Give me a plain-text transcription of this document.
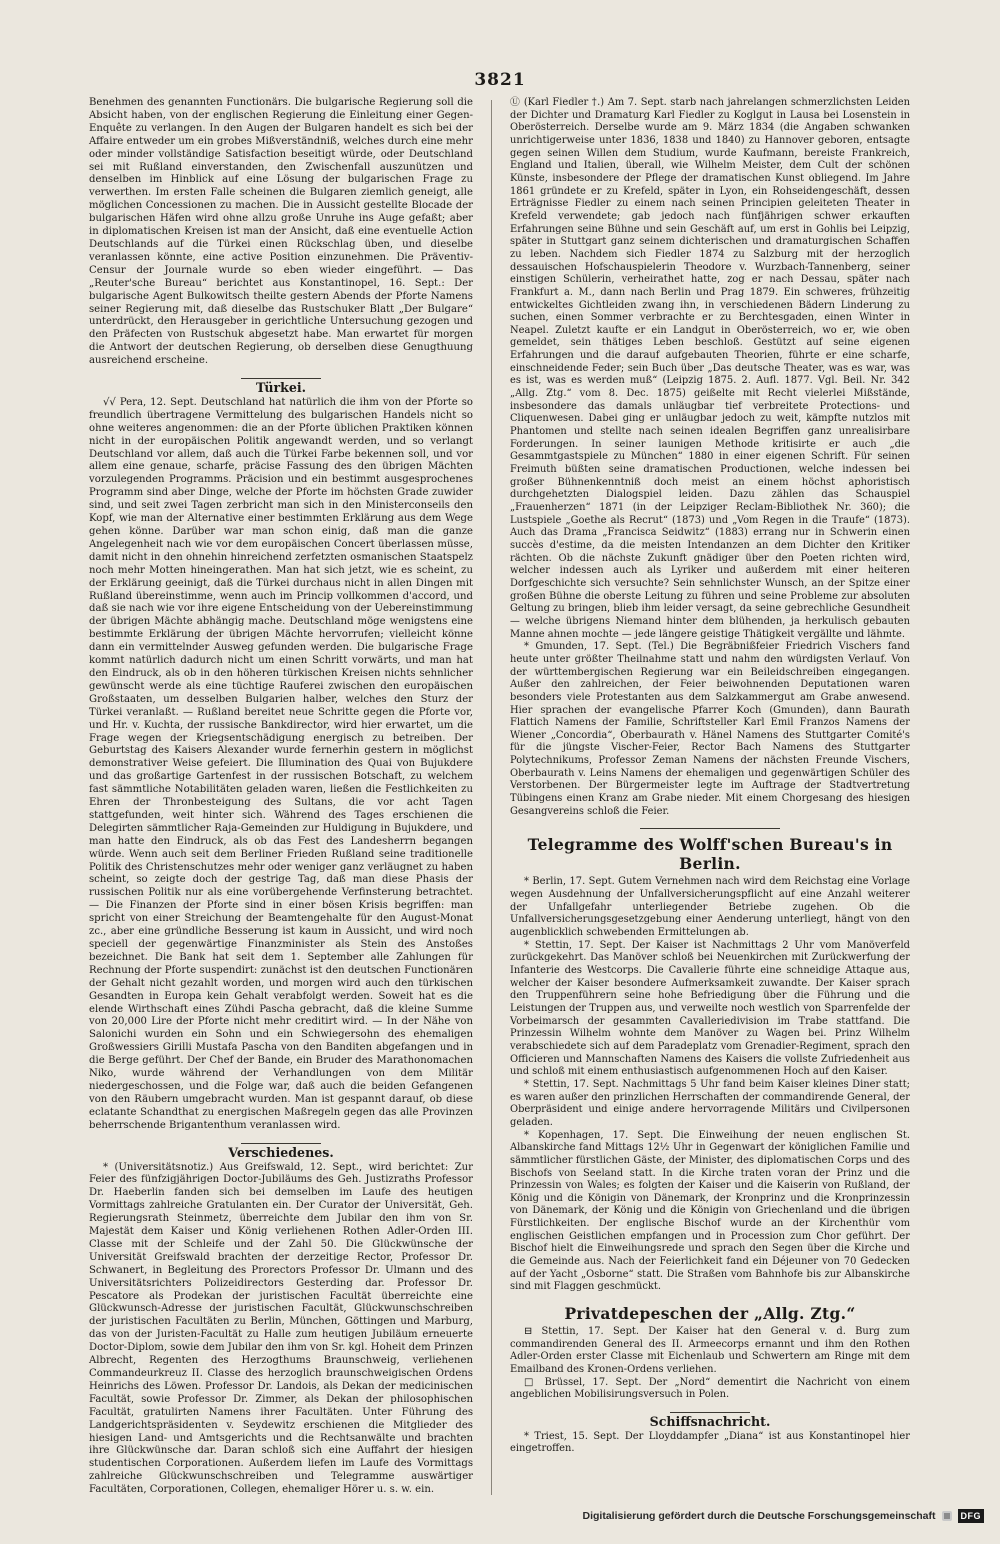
3821

Benehmen des genannten Functionärs. Die bulgarische Regierung soll die Absicht haben, von der englischen Regierung die Einleitung einer Gegen-Enquête zu verlangen. In den Augen der Bulgaren handelt es sich bei der Affaire entweder um ein grobes Mißverständniß, welches durch eine mehr oder minder vollständige Satisfaction beseitigt würde, oder Deutschland sei mit Rußland einverstanden, den Zwischenfall auszunützen und denselben im Hinblick auf eine Lösung der bulgarischen Frage zu verwerthen. Im ersten Falle scheinen die Bulgaren ziemlich geneigt, alle möglichen Concessionen zu machen. Die in Aussicht gestellte Blocade der bulgarischen Häfen wird ohne allzu große Unruhe ins Auge gefaßt; aber in diplomatischen Kreisen ist man der Ansicht, daß eine eventuelle Action Deutschlands auf die Türkei einen Rückschlag üben, und dieselbe veranlassen könnte, eine active Position einzunehmen. Die Präventiv-Censur der Journale wurde so eben wieder eingeführt. — Das „Reuter'sche Bureau“ berichtet aus Konstantinopel, 16. Sept.: Der bulgarische Agent Bulkowitsch theilte gestern Abends der Pforte Namens seiner Regierung mit, daß dieselbe das Rustschuker Blatt „Der Bulgare“ unterdrückt, den Herausgeber in gerichtliche Untersuchung gezogen und den Präfecten von Rustschuk abgesetzt habe. Man erwartet für morgen die Antwort der deutschen Regierung, ob derselben diese Genugthuung ausreichend erscheine.

Türkei.

√√ Pera, 12. Sept. Deutschland hat natürlich die ihm von der Pforte so freundlich übertragene Vermittelung des bulgarischen Handels nicht so ohne weiteres angenommen: die an der Pforte üblichen Praktiken können nicht in der europäischen Politik angewandt werden, und so verlangt Deutschland vor allem, daß auch die Türkei Farbe bekennen soll, und vor allem eine genaue, scharfe, präcise Fassung des den übrigen Mächten vorzulegenden Programms. Präcision und ein bestimmt ausgesprochenes Programm sind aber Dinge, welche der Pforte im höchsten Grade zuwider sind, und seit zwei Tagen zerbricht man sich in den Ministerconseils den Kopf, wie man der Alternative einer bestimmten Erklärung aus dem Wege gehen könne. Darüber war man schon einig, daß man die ganze Angelegenheit nach wie vor dem europäischen Concert überlassen müsse, damit nicht in den ohnehin hinreichend zerfetzten osmanischen Staatspelz noch mehr Motten hineingerathen. Man hat sich jetzt, wie es scheint, zu der Erklärung geeinigt, daß die Türkei durchaus nicht in allen Dingen mit Rußland übereinstimme, wenn auch im Princip vollkommen d'accord, und daß sie nach wie vor ihre eigene Entscheidung von der Uebereinstimmung der übrigen Mächte abhängig mache. Deutschland möge wenigstens eine bestimmte Erklärung der übrigen Mächte hervorrufen; vielleicht könne dann ein vermittelnder Ausweg gefunden werden. Die bulgarische Frage kommt natürlich dadurch nicht um einen Schritt vorwärts, und man hat den Eindruck, als ob in den höheren türkischen Kreisen nichts sehnlicher gewünscht werde als eine tüchtige Rauferei zwischen den europäischen Großstaaten, um desselben Bulgarien halber, welches den Sturz der Türkei veranlaßt. — Rußland bereitet neue Schritte gegen die Pforte vor, und Hr. v. Kuchta, der russische Bankdirector, wird hier erwartet, um die Frage wegen der Kriegsentschädigung energisch zu betreiben. Der Geburtstag des Kaisers Alexander wurde fernerhin gestern in möglichst demonstrativer Weise gefeiert. Die Illumination des Quai von Bujukdere und das großartige Gartenfest in der russischen Botschaft, zu welchem fast sämmtliche Notabilitäten geladen waren, ließen die Festlichkeiten zu Ehren der Thronbesteigung des Sultans, die vor acht Tagen stattgefunden, weit hinter sich. Während des Tages erschienen die Delegirten sämmtlicher Raja-Gemeinden zur Huldigung in Bujukdere, und man hatte den Eindruck, als ob das Fest des Landesherrn begangen würde. Wenn auch seit dem Berliner Frieden Rußland seine traditionelle Politik des Christenschutzes mehr oder weniger ganz verläugnet zu haben scheint, so zeigte doch der gestrige Tag, daß man diese Phasis der russischen Politik nur als eine vorübergehende Verfinsterung betrachtet. — Die Finanzen der Pforte sind in einer bösen Krisis begriffen: man spricht von einer Streichung der Beamtengehalte für den August-Monat zc., aber eine gründliche Besserung ist kaum in Aussicht, und wird noch speciell der gegenwärtige Finanzminister als Stein des Anstoßes bezeichnet. Die Bank hat seit dem 1. September alle Zahlungen für Rechnung der Pforte suspendirt: zunächst ist den deutschen Functionären der Gehalt nicht gezahlt worden, und morgen wird auch den türkischen Gesandten in Europa kein Gehalt verabfolgt werden. Soweit hat es die elende Wirthschaft eines Zühdi Pascha gebracht, daß die kleine Summe von 20,000 Lire der Pforte nicht mehr creditirt wird. — In der Nähe von Salonichi wurden ein Sohn und ein Schwiegersohn des ehemaligen Großwessiers Girilli Mustafa Pascha von den Banditen abgefangen und in die Berge geführt. Der Chef der Bande, ein Bruder des Marathonomachen Niko, wurde während der Verhandlungen von dem Militär niedergeschossen, und die Folge war, daß auch die beiden Gefangenen von den Räubern umgebracht wurden. Man ist gespannt darauf, ob diese eclatante Schandthat zu energischen Maßregeln gegen das alle Provinzen beherrschende Brigantenthum veranlassen wird.

Verschiedenes.

* (Universitätsnotiz.) Aus Greifswald, 12. Sept., wird berichtet: Zur Feier des fünfzigjährigen Doctor-Jubiläums des Geh. Justizraths Professor Dr. Haeberlin fanden sich bei demselben im Laufe des heutigen Vormittags zahlreiche Gratulanten ein. Der Curator der Universität, Geh. Regierungsrath Steinmetz, überreichte dem Jubilar den ihm von Sr. Majestät dem Kaiser und König verliehenen Rothen Adler-Orden III. Classe mit der Schleife und der Zahl 50. Die Glückwünsche der Universität Greifswald brachten der derzeitige Rector, Professor Dr. Schwanert, in Begleitung des Prorectors Professor Dr. Ulmann und des Universitätsrichters Polizeidirectors Gesterding dar. Professor Dr. Pescatore als Prodekan der juristischen Facultät überreichte eine Glückwunsch-Adresse der juristischen Facultät, Glückwunschschreiben der juristischen Facultäten zu Berlin, München, Göttingen und Marburg, das von der Juristen-Facultät zu Halle zum heutigen Jubiläum erneuerte Doctor-Diplom, sowie dem Jubilar den ihm von Sr. kgl. Hoheit dem Prinzen Albrecht, Regenten des Herzogthums Braunschweig, verliehenen Commandeurkreuz II. Classe des herzoglich braunschweigischen Ordens Heinrichs des Löwen. Professor Dr. Landois, als Dekan der medicinischen Facultät, sowie Professor Dr. Zimmer, als Dekan der philosophischen Facultät, gratulirten Namens ihrer Facultäten. Unter Führung des Landgerichtspräsidenten v. Seydewitz erschienen die Mitglieder des hiesigen Land- und Amtsgerichts und die Rechtsanwälte und brachten ihre Glückwünsche dar. Daran schloß sich eine Auffahrt der hiesigen studentischen Corporationen. Außerdem liefen im Laufe des Vormittags zahlreiche Glückwunschschreiben und Telegramme auswärtiger Facultäten, Corporationen, Collegen, ehemaliger Hörer u. s. w. ein.

Ⓤ (Karl Fiedler †.) Am 7. Sept. starb nach jahrelangen schmerzlichsten Leiden der Dichter und Dramaturg Karl Fiedler zu Koglgut in Lausa bei Losenstein in Oberösterreich. Derselbe wurde am 9. März 1834 (die Angaben schwanken unrichtigerweise unter 1836, 1838 und 1840) zu Hannover geboren, entsagte gegen seinen Willen dem Studium, wurde Kaufmann, bereiste Frankreich, England und Italien, überall, wie Wilhelm Meister, dem Cult der schönen Künste, insbesondere der Pflege der dramatischen Kunst obliegend. Im Jahre 1861 gründete er zu Krefeld, später in Lyon, ein Rohseidengeschäft, dessen Erträgnisse Fiedler zu einem nach seinen Principien geleiteten Theater in Krefeld verwendete; gab jedoch nach fünfjährigen schwer erkauften Erfahrungen seine Bühne und sein Geschäft auf, um erst in Gohlis bei Leipzig, später in Stuttgart ganz seinem dichterischen und dramaturgischen Schaffen zu leben. Nachdem sich Fiedler 1874 zu Salzburg mit der herzoglich dessauischen Hofschauspielerin Theodore v. Wurzbach-Tannenberg, seiner einstigen Schülerin, verheirathet hatte, zog er nach Dessau, später nach Frankfurt a. M., dann nach Berlin und Prag 1879. Ein schweres, frühzeitig entwickeltes Gichtleiden zwang ihn, in verschiedenen Bädern Linderung zu suchen, einen Sommer verbrachte er zu Berchtesgaden, einen Winter in Neapel. Zuletzt kaufte er ein Landgut in Oberösterreich, wo er, wie oben gemeldet, sein thätiges Leben beschloß. Gestützt auf seine eigenen Erfahrungen und die darauf aufgebauten Theorien, führte er eine scharfe, einschneidende Feder; sein Buch über „Das deutsche Theater, was es war, was es ist, was es werden muß“ (Leipzig 1875. 2. Aufl. 1877. Vgl. Beil. Nr. 342 „Allg. Ztg.“ vom 8. Dec. 1875) geißelte mit Recht vielerlei Mißstände, insbesondere das damals unläugbar tief verbreitete Protections- und Cliquenwesen. Dabei ging er unläugbar jedoch zu weit, kämpfte nutzlos mit Phantomen und stellte nach seinen idealen Begriffen ganz unrealisirbare Forderungen. In seiner launigen Methode kritisirte er auch „die Gesammtgastspiele zu München“ 1880 in einer eigenen Schrift. Für seinen Freimuth büßten seine dramatischen Productionen, welche indessen bei großer Bühnenkenntniß doch meist an einem höchst aphoristisch durchgehetzten Dialogspiel leiden. Dazu zählen das Schauspiel „Frauenherzen“ 1871 (in der Leipziger Reclam-Bibliothek Nr. 360); die Lustspiele „Goethe als Recrut“ (1873) und „Vom Regen in die Traufe“ (1873). Auch das Drama „Francisca Seidwitz“ (1883) errang nur in Schwerin einen succès d'estime, da die meisten Intendanzen an dem Dichter den Kritiker rächten. Ob die nächste Zukunft gnädiger über den Poeten richten wird, welcher indessen auch als Lyriker und außerdem mit einer heiteren Dorfgeschichte sich versuchte? Sein sehnlichster Wunsch, an der Spitze einer großen Bühne die oberste Leitung zu führen und seine Probleme zur absoluten Geltung zu bringen, blieb ihm leider versagt, da seine gebrechliche Gesundheit — welche übrigens Niemand hinter dem blühenden, ja herkulisch gebauten Manne ahnen mochte — jede längere geistige Thätigkeit vergällte und lähmte.

* Gmunden, 17. Sept. (Tel.) Die Begräbnißfeier Friedrich Vischers fand heute unter größter Theilnahme statt und nahm den würdigsten Verlauf. Von der württembergischen Regierung war ein Beileidschreiben eingegangen. Außer den zahlreichen, der Feier beiwohnenden Deputationen waren besonders viele Protestanten aus dem Salzkammergut am Grabe anwesend. Hier sprachen der evangelische Pfarrer Koch (Gmunden), dann Baurath Flattich Namens der Familie, Schriftsteller Karl Emil Franzos Namens der Wiener „Concordia“, Oberbaurath v. Hänel Namens des Stuttgarter Comité's für die jüngste Vischer-Feier, Rector Bach Namens des Stuttgarter Polytechnikums, Professor Zeman Namens der nächsten Freunde Vischers, Oberbaurath v. Leins Namens der ehemaligen und gegenwärtigen Schüler des Verstorbenen. Der Bürgermeister legte im Auftrage der Stadtvertretung Tübingens einen Kranz am Grabe nieder. Mit einem Chorgesang des hiesigen Gesangvereins schloß die Feier.

Telegramme des Wolff'schen Bureau's in Berlin.

* Berlin, 17. Sept. Gutem Vernehmen nach wird dem Reichstag eine Vorlage wegen Ausdehnung der Unfallversicherungspflicht auf eine Anzahl weiterer der Unfallgefahr unterliegender Betriebe zugehen. Ob die Unfallversicherungsgesetzgebung einer Aenderung unterliegt, hängt von den augenblicklich schwebenden Ermittelungen ab.

* Stettin, 17. Sept. Der Kaiser ist Nachmittags 2 Uhr vom Manöverfeld zurückgekehrt. Das Manöver schloß bei Neuenkirchen mit Zurückwerfung der Infanterie des Westcorps. Die Cavallerie führte eine schneidige Attaque aus, welcher der Kaiser besondere Aufmerksamkeit zuwandte. Der Kaiser sprach den Truppenführern seine hohe Befriedigung über die Führung und die Leistungen der Truppen aus, und verweilte noch westlich von Sparrenfelde der Vorbeimarsch der gesammten Cavalleriedivision im Trabe stattfand. Die Prinzessin Wilhelm wohnte dem Manöver zu Wagen bei. Prinz Wilhelm verabschiedete sich auf dem Paradeplatz vom Grenadier-Regiment, sprach den Officieren und Mannschaften Namens des Kaisers die vollste Zufriedenheit aus und schloß mit einem enthusiastisch aufgenommenen Hoch auf den Kaiser.

* Stettin, 17. Sept. Nachmittags 5 Uhr fand beim Kaiser kleines Diner statt; es waren außer den prinzlichen Herrschaften der commandirende General, der Oberpräsident und einige andere hervorragende Militärs und Civilpersonen geladen.

* Kopenhagen, 17. Sept. Die Einweihung der neuen englischen St. Albanskirche fand Mittags 12½ Uhr in Gegenwart der königlichen Familie und sämmtlicher fürstlichen Gäste, der Minister, des diplomatischen Corps und des Bischofs von Seeland statt. In die Kirche traten voran der Prinz und die Prinzessin von Wales; es folgten der Kaiser und die Kaiserin von Rußland, der König und die Königin von Dänemark, der Kronprinz und die Kronprinzessin von Dänemark, der König und die Königin von Griechenland und die übrigen Fürstlichkeiten. Der englische Bischof wurde an der Kirchenthür vom englischen Geistlichen empfangen und in Procession zum Chor geführt. Der Bischof hielt die Einweihungsrede und sprach den Segen über die Kirche und die Gemeinde aus. Nach der Feierlichkeit fand ein Déjeuner von 70 Gedecken auf der Yacht „Osborne“ statt. Die Straßen vom Bahnhofe bis zur Albanskirche sind mit Flaggen geschmückt.

Privatdepeschen der „Allg. Ztg.“

⊟ Stettin, 17. Sept. Der Kaiser hat den General v. d. Burg zum commandirenden General des II. Armeecorps ernannt und ihm den Rothen Adler-Orden erster Classe mit Eichenlaub und Schwertern am Ringe mit dem Emailband des Kronen-Ordens verliehen.

□ Brüssel, 17. Sept. Der „Nord“ dementirt die Nachricht von einem angeblichen Mobilisirungsversuch in Polen.

Schiffsnachricht.

* Triest, 15. Sept. Der Lloyddampfer „Diana“ ist aus Konstantinopel hier eingetroffen.

Digitalisierung gefördert durch die Deutsche Forschungsgemeinschaft	DFG
